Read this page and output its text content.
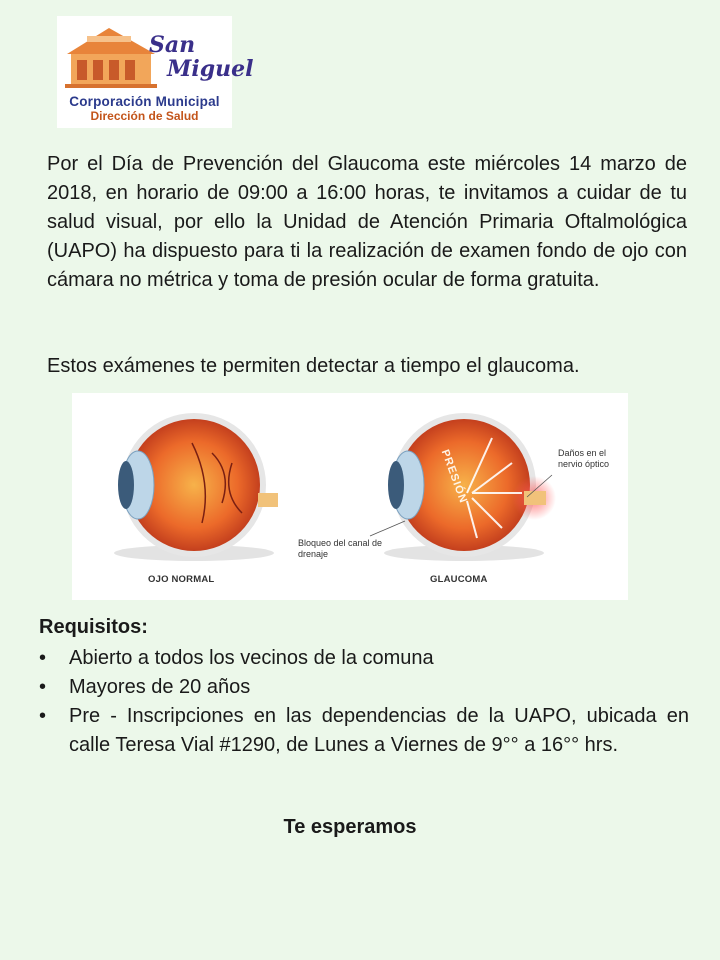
San
Miguel
Corporación Municipal
Dirección de Salud

Por el Día de Prevención del Glaucoma este miércoles 14 marzo de 2018, en horario de 09:00 a 16:00 horas, te invitamos a cuidar de tu salud visual, por ello la Unidad de Atención Primaria Oftalmológica (UAPO) ha dispuesto para ti la realización de examen fondo de ojo con cámara no métrica y toma de presión ocular de forma gratuita.

Estos exámenes te permiten detectar a tiempo el glaucoma.

PRESIÓN
Bloqueo del canal de drenaje
Daños en el nervio óptico
OJO NORMAL	GLAUCOMA

Requisitos:

• Abierto a todos los vecinos de la comuna
• Mayores de 20 años
• Pre - Inscripciones en las dependencias de la UAPO, ubicada en calle Teresa Vial #1290, de Lunes a Viernes de 9°° a 16°° hrs.

Te esperamos
